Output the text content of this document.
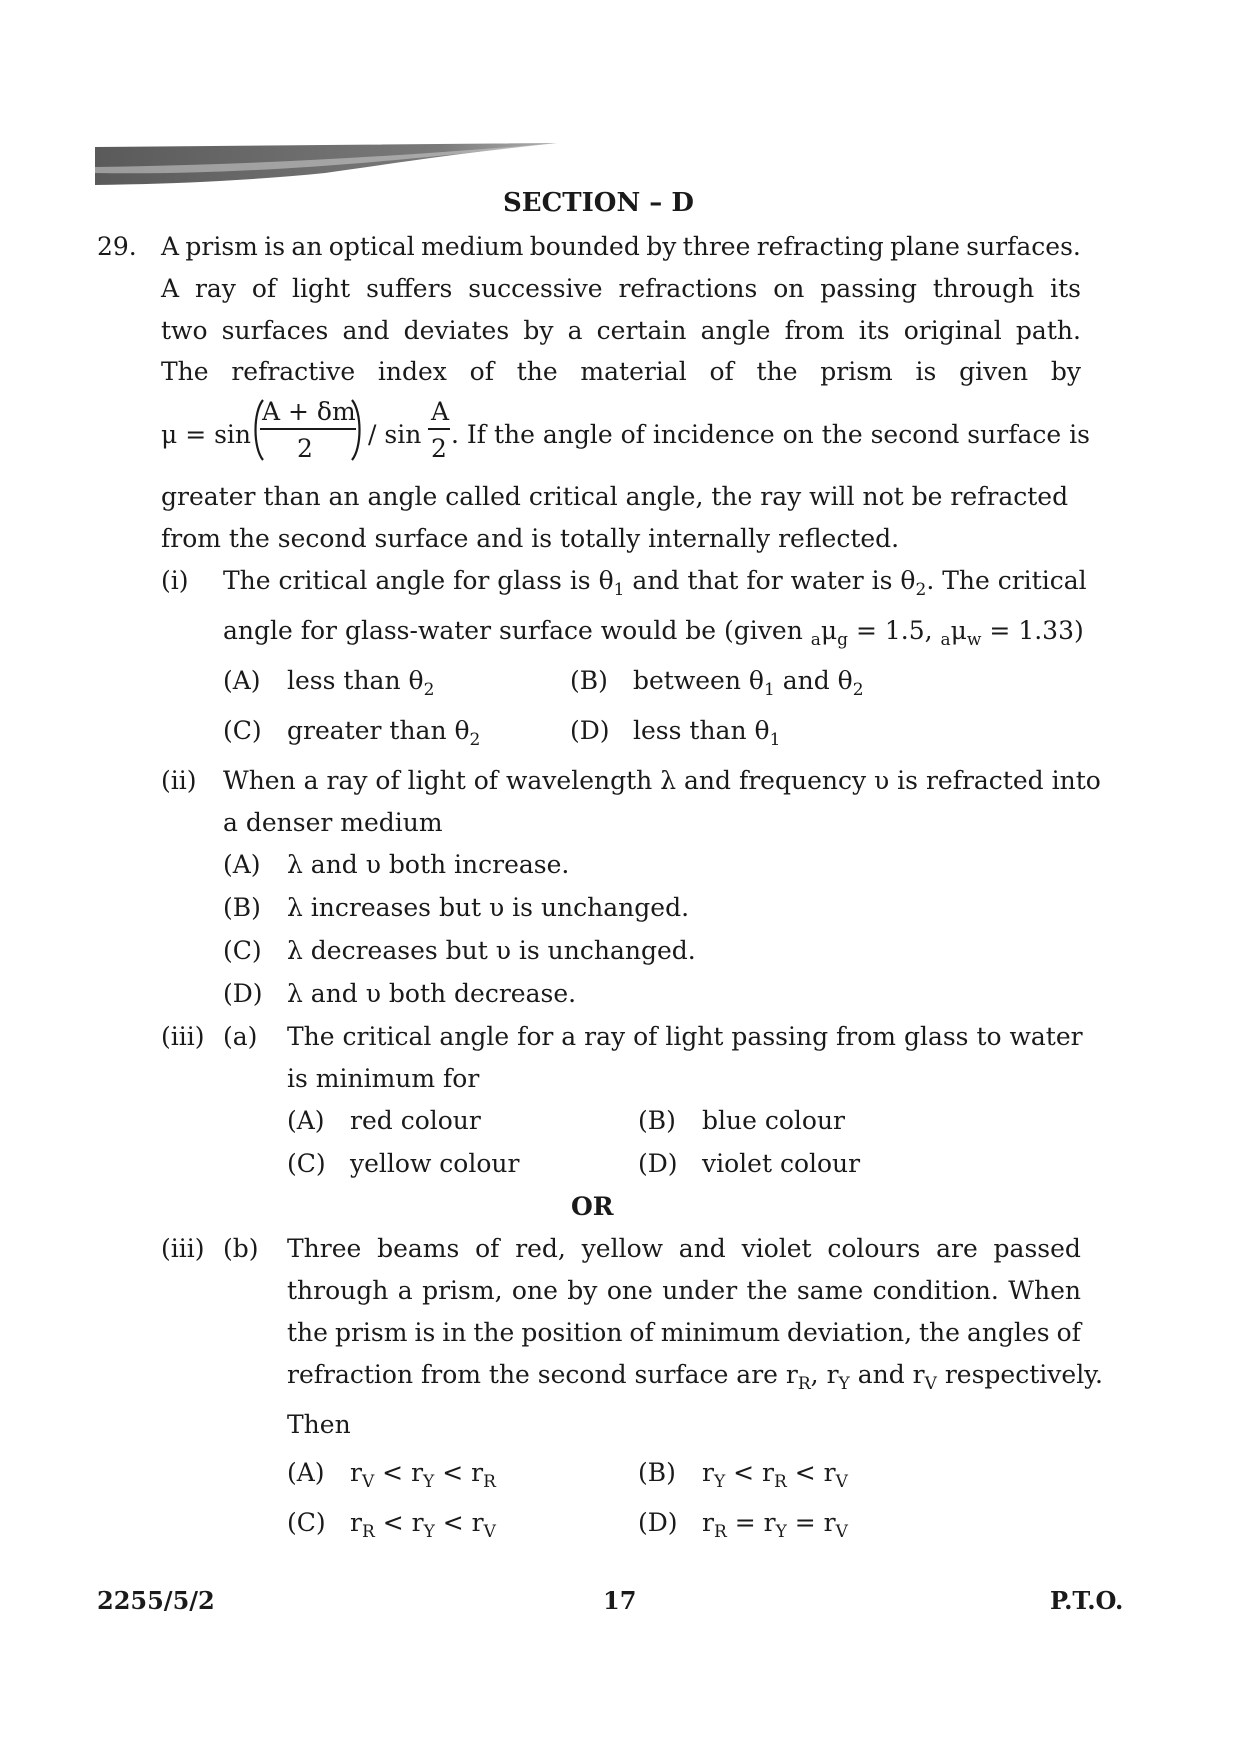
SECTION – D
29. A prism is an optical medium bounded by three refracting plane surfaces.
A ray of light suffers successive refractions on passing through its
two surfaces and deviates by a certain angle from its original path.
The refractive index of the material of the prism is given by
μ = sin
A + δm
2 / sin
A
2 . If the angle of incidence on the second surface is
greater than an angle called critical angle, the ray will not be refracted
from the second surface and is totally internally reflected.
(i) The critical angle for glass is $\theta_1$ and that for water is $\theta_2$. The critical
angle for glass-water surface would be (given $_a\mu_g = 1.5$, $_a\mu_w = 1.33$)
(A) less than $\theta_2$	(B) between $\theta_1$ and $\theta_2$
(C) greater than $\theta_2$	(D) less than $\theta_1$
(ii) When a ray of light of wavelength λ and frequency υ is refracted into
a denser medium
(A) λ and υ both increase.
(B) λ increases but υ is unchanged.
(C) λ decreases but υ is unchanged.
(D) λ and υ both decrease.
(iii) (a) The critical angle for a ray of light passing from glass to water
is minimum for
(A) red colour	(B) blue colour
(C) yellow colour	(D) violet colour
OR
(iii) (b) Three beams of red, yellow and violet colours are passed
through a prism, one by one under the same condition. When
the prism is in the position of minimum deviation, the angles of
refraction from the second surface are $r_R$, $r_Y$ and $r_V$ respectively.
Then
(A) $r_V < r_Y < r_R$	(B) $r_Y < r_R < r_V$
(C) $r_R < r_Y < r_V$	(D) $r_R = r_Y = r_V$
2255/5/2	17	P.T.O.
